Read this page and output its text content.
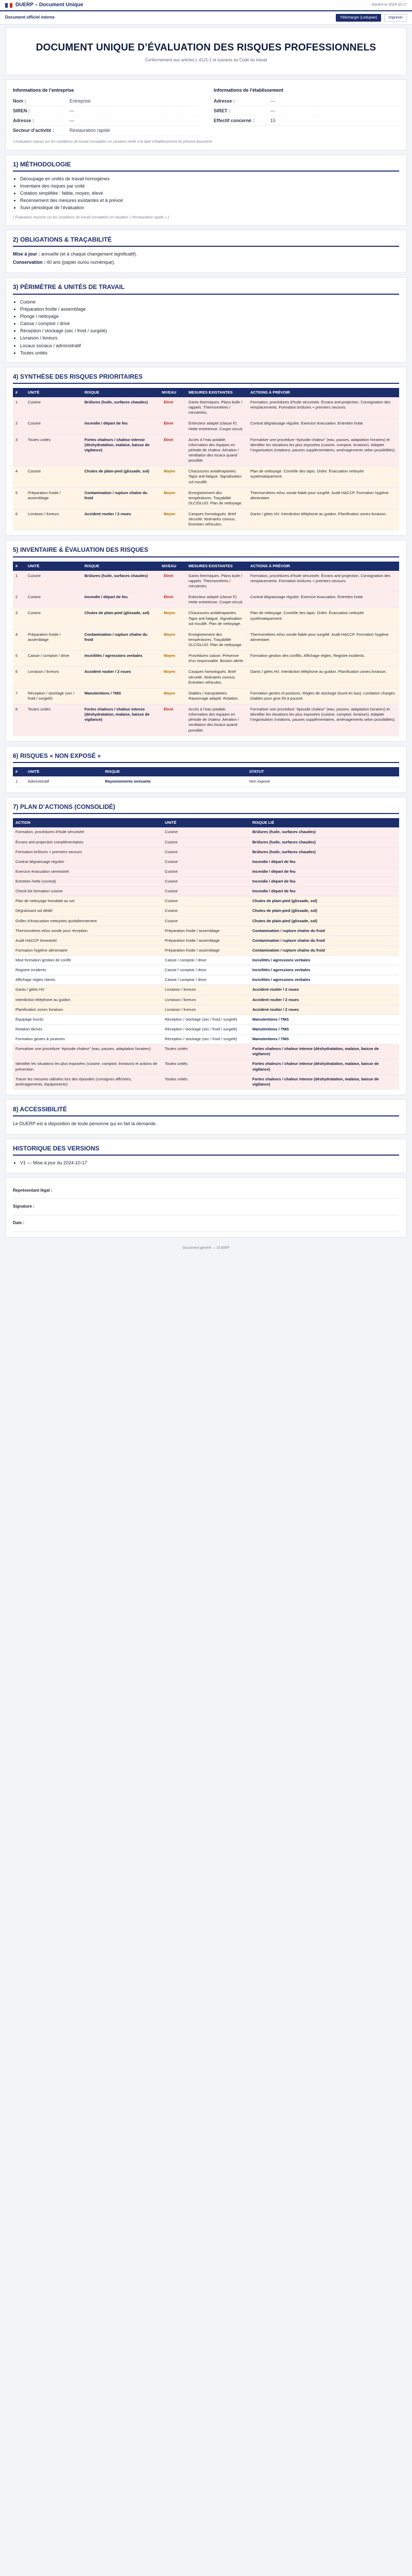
DUERP – Document Unique	Généré le 2024-10-17
Document officiel interne	Télécharger (Ledupwe)	Imprimer
DOCUMENT UNIQUE D’ÉVALUATION DES RISQUES PROFESSIONNELS
Conformément aux articles L.4121-1 et suivants du Code du travail
Informations de l’entreprise
Nom :	Entreprise
SIREN :	—
Adresse :	—
Secteur d’activité :	Restauration rapide
Informations de l’établissement
Adresse :	—
SIRET :	—
Effectif concerné :	15
L’évaluation repose sur les conditions de travail constatées en situation réelle à la date d’établissement du présent document.
1) MÉTHODOLOGIE
• Découpage en unités de travail homogènes
• Inventaire des risques par unité
• Cotation simplifiée : faible, moyen, élevé
• Recensement des mesures existantes et à prévoir
• Suivi périodique de l’évaluation
( Évaluation reposée sur les conditions de travail constatées en situation « Restauration rapide » )
2) OBLIGATIONS & TRAÇABILITÉ
Mise à jour : annuelle (et à chaque changement significatif).
Conservation : 40 ans (papier ou/ou numérique).
3) PÉRIMÈTRE & UNITÉS DE TRAVAIL
• Cuisine
• Préparation froide / assemblage
• Plonge / nettoyage
• Caisse / comptoir / drive
• Réception / stockage (sec / froid / surgelé)
• Livraison / livreurs
• Locaux sociaux / administratif
• Toutes unités
4) SYNTHÈSE DES RISQUES PRIORITAIRES
#	UNITÉ	RISQUE	NIVEAU	MESURES EXISTANTES	ACTIONS À PRÉVOIR
1	Cuisine	Brûlures (huile, surfaces chaudes)	Élevé	Gants thermiques. Plans bulle / rappels. Thermomètres / minuteries.	Formation, procédures d’huile sécurisée. Écrans anti-projection. Consignation des remplacements. Formation brûlures + premiers secours.
2	Cuisine	Incendie / départ de feu	Élevé	Extincteur adapté (classe F). Hotte entretenue. Coupe-circuit.	Contrat dégraissage régulier. Exercice évacuation. Entretien hotte.
3	Toutes unités	Fortes chaleurs / chaleur intense (déshydratation, malaise, baisse de vigilance)	Élevé	Accès à l’eau potable. Information des équipes en période de chaleur. Aération / ventilation des locaux quand possible.	Formaliser une procédure “épisode chaleur” (eau, pauses, adaptation horaires) et identifier les situations les plus exposées (cuisine, comptoir, livraison). Adapter l’organisation (rotations, pauses supplémentaires, aménagements selon possibilités).
4	Cuisine	Chutes de plain-pied (glissade, sol)	Moyen	Chaussures antidérapantes. Tapis anti-fatigue. Signalisation sol mouillé.	Plan de nettoyage. Contrôle des tapis. Ordre. Évacuation nettoyée systématiquement.
5	Préparation froide / assemblage	Contamination / rupture chaîne du froid	Moyen	Enregistrement des températures. Traçabilité DLC/DLUO. Plan de nettoyage.	Thermomètres et/ou sonde fiable pour surgélé. Audit HACCP. Formation hygiène alimentaire.
6	Livraison / livreurs	Accident routier / 2 roues	Moyen	Casques homologués. Brief sécurité. Itinéraires connus. Entretien véhicules.	Gants / gilets HV. Interdiction téléphone au guidon. Planification zones livraison.
5) INVENTAIRE & ÉVALUATION DES RISQUES
#	UNITÉ	RISQUE	NIVEAU	MESURES EXISTANTES	ACTIONS À PRÉVOIR
1	Cuisine	Brûlures (huile, surfaces chaudes)	Élevé	Gants thermiques. Plans bulle / rappels. Thermomètres / minuteries.	Formation, procédures d’huile sécurisée. Écrans anti-projection. Consignation des remplacements. Formation brûlures + premiers secours.
2	Cuisine	Incendie / départ de feu	Élevé	Extincteur adapté (classe F). Hotte entretenue. Coupe-circuit.	Contrat dégraissage régulier. Exercice évacuation. Entretien hotte.
3	Cuisine	Chutes de plain-pied (glissade, sol)	Moyen	Chaussures antidérapantes. Tapis anti-fatigue. Signalisation sol mouillé. Plan de nettoyage.	Plan de nettoyage. Contrôle des tapis. Ordre. Évacuation nettoyée systématiquement.
4	Préparation froide / assemblage	Contamination / rupture chaîne du froid	Moyen	Enregistrement des températures. Traçabilité DLC/DLUO. Plan de nettoyage.	Thermomètres et/ou sonde fiable pour surgélé. Audit HACCP. Formation hygiène alimentaire.
5	Caisse / comptoir / drive	Incivilités / agressions verbales	Moyen	Procédures caisse. Présence d’un responsable. Bouton alerte.	Formation gestion des conflits. Affichage règles. Registre incidents.
6	Livraison / livreurs	Accident routier / 2 roues	Moyen	Casques homologués. Brief sécurité. Itinéraires connus. Entretien véhicules.	Gants / gilets HV. Interdiction téléphone au guidon. Planification zones livraison.
7	Réception / stockage (sec / froid / surgelé)	Manutentions / TMS	Moyen	Diables / transpalettes. Rayonnage adapté. Rotation.	Formation gestes et postures. Règles de stockage (lourd en bas). Limitation charges. Diables pour gros fût à poussé.
8	Toutes unités	Fortes chaleurs / chaleur intense (déshydratation, malaise, baisse de vigilance)	Élevé	Accès à l’eau potable. Information des équipes en période de chaleur. Aération / ventilation des locaux quand possible.	Formaliser une procédure “épisode chaleur” (eau, pauses, adaptation horaires) et identifier les situations les plus exposées (cuisine, comptoir, livraison). Adapter l’organisation (rotations, pauses supplémentaires, aménagements selon possibilités).
6) RISQUES « NON EXPOSÉ »
#	UNITÉ	RISQUE	STATUT
1	Administratif	Rayonnements ionisants	Non exposé
7) PLAN D’ACTIONS (CONSOLIDÉ)
ACTION	UNITÉ	RISQUE LIÉ
Formation, procédures d’huile sécurisée	Cuisine	Brûlures (huile, surfaces chaudes)
Écrans anti-projection complémentaires	Cuisine	Brûlures (huile, surfaces chaudes)
Formation brûlures + premiers secours	Cuisine	Brûlures (huile, surfaces chaudes)
Contrat dégraissage régulier	Cuisine	Incendie / départ de feu
Exercice évacuation semestriel	Cuisine	Incendie / départ de feu
Entretien hotte (contrat)	Cuisine	Incendie / départ de feu
Check-list formation cuisine	Cuisine	Incendie / départ de feu
Plan de nettoyage horodaté au sol	Cuisine	Chutes de plain-pied (glissade, sol)
Dégraissant sol dédié	Cuisine	Chutes de plain-pied (glissade, sol)
Grilles d’évacuation nettoyées quotidiennement	Cuisine	Chutes de plain-pied (glissade, sol)
Thermomètres et/ou sonde pour réception	Préparation froide / assemblage	Contamination / rupture chaîne du froid
Audit HACCP trimestriel	Préparation froide / assemblage	Contamination / rupture chaîne du froid
Formation hygiène alimentaire	Préparation froide / assemblage	Contamination / rupture chaîne du froid
Mise formation gestion de conflit	Caisse / comptoir / drive	Incivilités / agressions verbales
Registre incidents	Caisse / comptoir / drive	Incivilités / agressions verbales
Affichage règles clients	Caisse / comptoir / drive	Incivilités / agressions verbales
Gants / gilets HV	Livraison / livreurs	Accident routier / 2 roues
Interdiction téléphone au guidon	Livraison / livreurs	Accident routier / 2 roues
Planification zones livraison	Livraison / livreurs	Accident routier / 2 roues
Équipage lourds	Réception / stockage (sec / froid / surgelé)	Manutentions / TMS
Rotation tâches	Réception / stockage (sec / froid / surgelé)	Manutentions / TMS
Formation gestes & postures	Réception / stockage (sec / froid / surgelé)	Manutentions / TMS
Formaliser une procédure “épisode chaleur” (eau, pauses, adaptation horaires)	Toutes unités	Fortes chaleurs / chaleur intense (déshydratation, malaise, baisse de vigilance)
Identifier les situations les plus exposées (cuisine, comptoir, livraison) et actions de prévention	Toutes unités	Fortes chaleurs / chaleur intense (déshydratation, malaise, baisse de vigilance)
Tracer les mesures utilisées lors des épisodes (consignes affichées, aménagements, équipements)	Toutes unités	Fortes chaleurs / chaleur intense (déshydratation, malaise, baisse de vigilance)
8) ACCESSIBILITÉ
Le DUERP est à disposition de toute personne qui en fait la demande.
HISTORIQUE DES VERSIONS
• V1 — Mise à jour du 2024-10-17
Représentant légal :
Signature :
Date :
Document généré — DUERP
